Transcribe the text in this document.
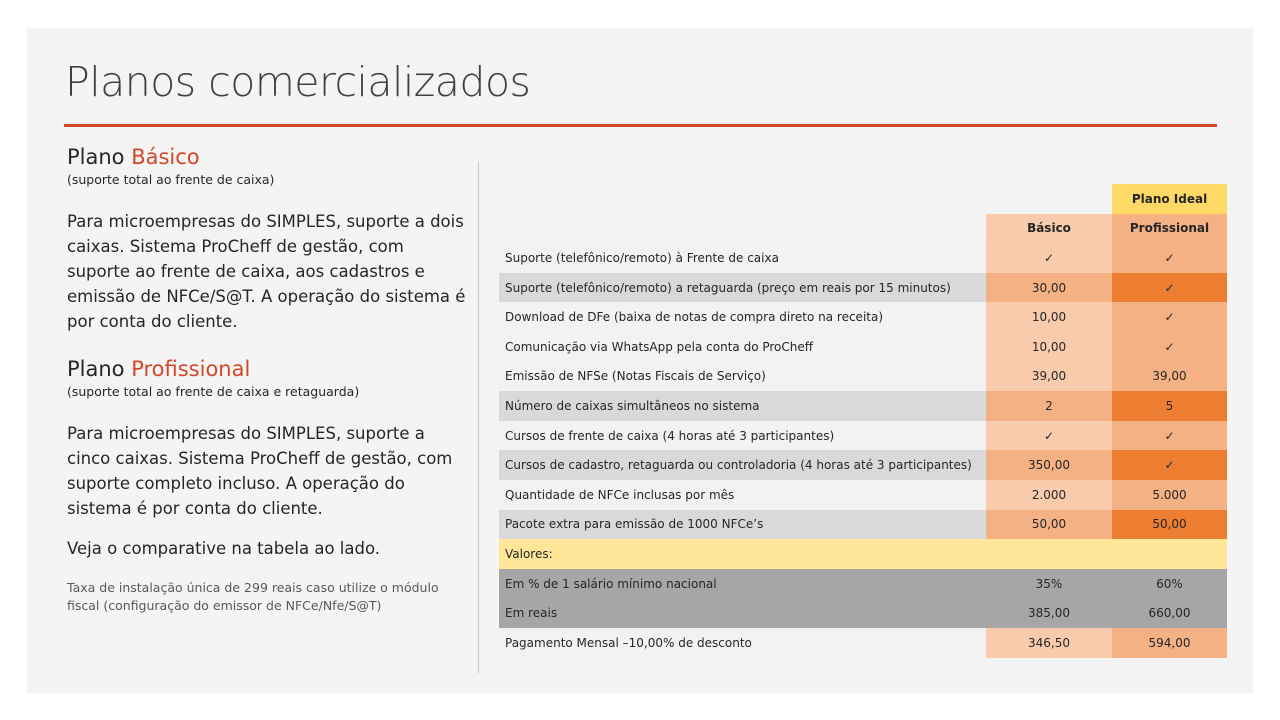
Planos comercializados

Plano Básico

(suporte total ao frente de caixa)

Para microempresas do SIMPLES, suporte a dois caixas. Sistema ProCheff de gestão, com suporte ao frente de caixa, aos cadastros e emissão de NFCe/S@T. A operação do sistema é por conta do cliente.

Plano Profissional

(suporte total ao frente de caixa e retaguarda)

Para microempresas do SIMPLES, suporte a cinco caixas. Sistema ProCheff de gestão, com suporte completo incluso. A operação do sistema é por conta do cliente.

Veja o comparative na tabela ao lado.

Taxa de instalação única de 299 reais caso utilize o módulo fiscal (configuração do emissor de NFCe/Nfe/S@T)

		Plano Ideal
	Básico	Profissional
Suporte (telefônico/remoto) à Frente de caixa	✓	✓
Suporte (telefônico/remoto) a retaguarda (preço em reais por 15 minutos)	30,00	✓
Download de DFe (baixa de notas de compra direto na receita)	10,00	✓
Comunicação via WhatsApp pela conta do ProCheff	10,00	✓
Emissão de NFSe (Notas Fiscais de Serviço)	39,00	39,00
Número de caixas simultâneos no sistema	2	5
Cursos de frente de caixa (4 horas até 3 participantes)	✓	✓
Cursos de cadastro, retaguarda ou controladoria (4 horas até 3 participantes)	350,00	✓
Quantidade de NFCe inclusas por mês	2.000	5.000
Pacote extra para emissão de 1000 NFCe’s	50,00	50,00
Valores:		
Em % de 1 salário mínimo nacional	35%	60%
Em reais	385,00	660,00
Pagamento Mensal –10,00% de desconto	346,50	594,00
